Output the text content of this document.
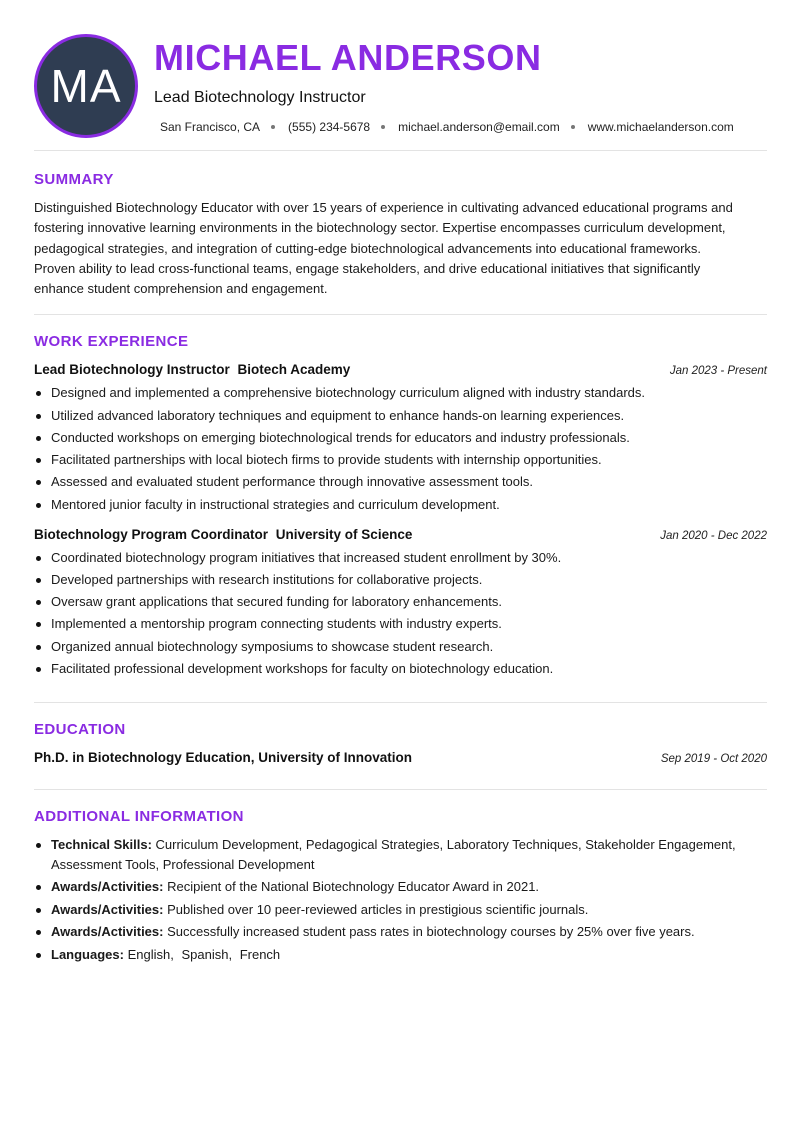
MA
MICHAEL ANDERSON
Lead Biotechnology Instructor
San Francisco, CA (555) 234-5678 michael.anderson@email.com www.michaelanderson.com
SUMMARY

Distinguished Biotechnology Educator with over 15 years of experience in cultivating advanced educational programs and

fostering innovative learning environments in the biotechnology sector. Expertise encompasses curriculum development,

pedagogical strategies, and integration of cutting-edge biotechnological advancements into educational frameworks.

Proven ability to lead cross-functional teams, engage stakeholders, and drive educational initiatives that significantly

enhance student comprehension and engagement.

WORK EXPERIENCE
Lead Biotechnology Instructor Biotech Academy	Jan 2023 - Present
Designed and implemented a comprehensive biotechnology curriculum aligned with industry standards.
Utilized advanced laboratory techniques and equipment to enhance hands-on learning experiences.
Conducted workshops on emerging biotechnological trends for educators and industry professionals.
Facilitated partnerships with local biotech firms to provide students with internship opportunities.
Assessed and evaluated student performance through innovative assessment tools.
Mentored junior faculty in instructional strategies and curriculum development.
Biotechnology Program Coordinator University of Science	Jan 2020 - Dec 2022
Coordinated biotechnology program initiatives that increased student enrollment by 30%.
Developed partnerships with research institutions for collaborative projects.
Oversaw grant applications that secured funding for laboratory enhancements.
Implemented a mentorship program connecting students with industry experts.
Organized annual biotechnology symposiums to showcase student research.
Facilitated professional development workshops for faculty on biotechnology education.
EDUCATION
Ph.D. in Biotechnology Education, University of Innovation	Sep 2019 - Oct 2020
ADDITIONAL INFORMATION
Technical Skills: Curriculum Development, Pedagogical Strategies, Laboratory Techniques, Stakeholder Engagement,
Assessment Tools, Professional Development
Awards/Activities: Recipient of the National Biotechnology Educator Award in 2021.
Awards/Activities: Published over 10 peer-reviewed articles in prestigious scientific journals.
Awards/Activities: Successfully increased student pass rates in biotechnology courses by 25% over five years.
Languages: English, Spanish, French
